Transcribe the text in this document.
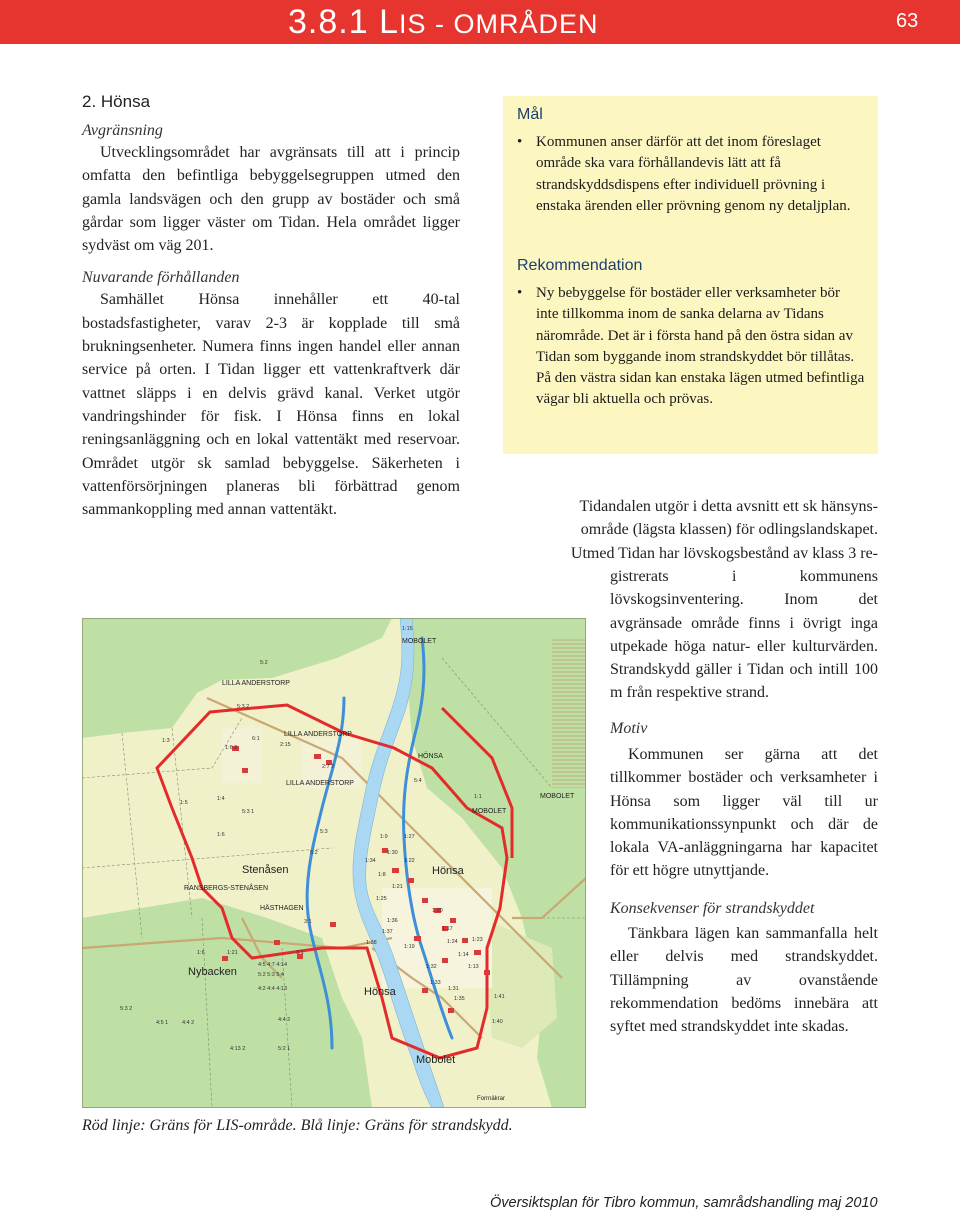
3.8.1 LIS - OMRÅDEN	63
2. Hönsa
Avgränsning

Utvecklingsområdet har avgränsats till att i princip omfatta den befintliga bebyggelsegruppen utmed den gamla landsvägen och den grupp av bostäder och små gårdar som ligger väster om Tidan. Hela området ligger sydväst om väg 201.

Nuvarande förhållanden

Samhället Hönsa innehåller ett 40-tal bostadsfastigheter, varav 2-3 är kopplade till små brukningsenheter. Numera finns ingen handel eller annan service på orten. I Tidan ligger ett vattenkraftverk där vattnet släpps i en delvis grävd kanal. Verket utgör vandringshinder för fisk. I Hönsa finns en lokal reningsanläggning och en lokal vattentäkt med reservoar. Området utgör sk samlad bebyggelse. Säkerheten i vattenförsörjningen planeras bli förbättrad genom sammankoppling med annan vattentäkt.

Mål
• Kommunen anser därför att det inom föreslaget område ska vara förhållandevis lätt att få strandskyddsdispens efter individuell prövning i enstaka ärenden eller prövning genom ny detaljplan.
Rekommendation
• Ny bebyggelse för bostäder eller verksamheter bör inte tillkomma inom de sanka delarna av Tidans närområde. Det är i första hand på den östra sidan av Tidan som byggande inom strandskyddet bör tillåtas. På den västra sidan kan enstaka lägen utmed befintliga vägar bli aktuella och prövas.
Tidandalen utgör i detta avsnitt ett sk hänsyns-
område (lägsta klassen) för odlingslandskapet.
Utmed Tidan har lövskogsbestånd av klass 3 re-
gistrerats i kommunens lövskogsinventering. Inom det avgränsade område finns i övrigt inga utpekade höga natur- eller kulturvärden. Strandskydd gäller i Tidan och intill 100 m från respektive strand.
Motiv
Kommunen ser gärna att det tillkommer bostäder och verksamheter i Hönsa som ligger väl till ur kommunikationssynpunkt och där de lokala VA-anläggningarna har kapacitet för ett högre utnyttjande.
Konsekvenser för strandskyddet
Tänkbara lägen kan sammanfalla helt eller delvis med strandskyddet. Tillämpning av ovanstående rekommendation bedöms innebära att syftet med strandskyddet inte skadas.
LILLA ANDERSTORP
LILLA ANDERSTORP
LILLA ANDERSTORP
HÖNSA
MOBOLET
MOBOLET
MOBOLET
Stenåsen
RANSBERGS-STENÅSEN
HÄSTHAGEN
Hönsa
Nybacken
Hönsa
Mobolet
Forrnäkrar
1:15
5:2
5:3 2
1:3
1:6 2
6:1
2:15
1:5
1:4
5:3 1
1:6	5:3
5:2
2:7 2
5:4
1:1
1:9	1:27
1:34
1:30
1:22
1:8
1:21
1:25
1:20
1:36
1:17
1:24	1:23
1:14
1:38
1:19
1:13
1:37
1:32
1:33
1:31
1:35	1:41
1:40
1:6	1:21
3:1
3:1
4:5 4:7 4:14
5:2 5:3 5:4
4:2 4:4 4:13
4:4 2
5:3 2
4:5 1	4:4 2
4:13 2	5:2 1
Röd linje: Gräns för LIS-område. Blå linje: Gräns för strandskydd.
Översiktsplan för Tibro kommun, samrådshandling maj 2010
